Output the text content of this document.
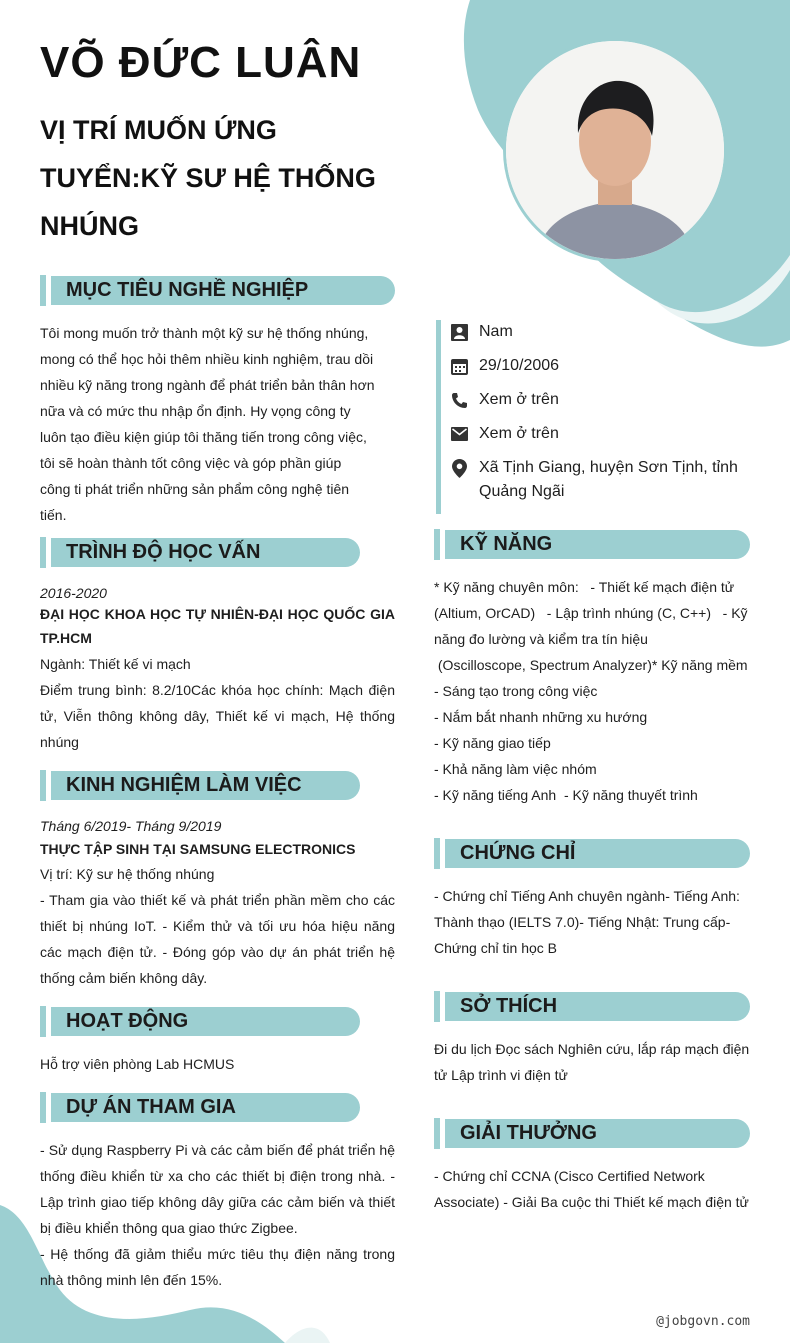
VÕ ĐỨC LUÂN
VỊ TRÍ MUỐN ỨNG TUYỂN:KỸ SƯ HỆ THỐNG NHÚNG
MỤC TIÊU NGHỀ NGHIỆP

Tôi mong muốn trở thành một kỹ sư hệ thống nhúng, mong có thể học hỏi thêm nhiều kinh nghiệm, trau dồi nhiều kỹ năng trong ngành để phát triển bản thân hơn nữa và có mức thu nhập ổn định. Hy vọng công ty luôn tạo điều kiện giúp tôi thăng tiến trong công việc, tôi sẽ hoàn thành tốt công việc và góp phần giúp công ti phát triển những sản phẩm công nghệ tiên tiến.

TRÌNH ĐỘ HỌC VẤN

2016-2020

ĐẠI HỌC KHOA HỌC TỰ NHIÊN-ĐẠI HỌC QUỐC GIA TP.HCM

Ngành: Thiết kế vi mạch

Điểm trung bình: 8.2/10Các khóa học chính: Mạch điện tử, Viễn thông không dây, Thiết kế vi mạch, Hệ thống nhúng

KINH NGHIỆM LÀM VIỆC

Tháng 6/2019- Tháng 9/2019

THỰC TẬP SINH TẠI SAMSUNG ELECTRONICS

Vị trí: Kỹ sư hệ thống nhúng

- Tham gia vào thiết kế và phát triển phần mềm cho các thiết bị nhúng IoT. - Kiểm thử và tối ưu hóa hiệu năng các mạch điện tử. - Đóng góp vào dự án phát triển hệ thống cảm biến không dây.

HOẠT ĐỘNG

Hỗ trợ viên phòng Lab HCMUS

DỰ ÁN THAM GIA

- Sử dụng Raspberry Pi và các cảm biến để phát triển hệ thống điều khiển từ xa cho các thiết bị điện trong nhà. - Lập trình giao tiếp không dây giữa các cảm biến và thiết bị điều khiển thông qua giao thức Zigbee.

- Hệ thống đã giảm thiểu mức tiêu thụ điện năng trong nhà thông minh lên đến 15%.

Nam
29/10/2006
Xem ở trên
Xem ở trên
Xã Tịnh Giang, huyện Sơn Tịnh, tỉnh Quảng Ngãi
KỸ NĂNG
* Kỹ năng chuyên môn:   - Thiết kế mạch điện tử
(Altium, OrCAD)   - Lập trình nhúng (C, C++)   - Kỹ
năng đo lường và kiểm tra tín hiệu
(Oscilloscope, Spectrum Analyzer)* Kỹ năng mềm
- Sáng tạo trong công việc
- Nắm bắt nhanh những xu hướng
- Kỹ năng giao tiếp
- Khả năng làm việc nhóm
- Kỹ năng tiếng Anh  - Kỹ năng thuyết trình
CHỨNG CHỈ

- Chứng chỉ Tiếng Anh chuyên ngành- Tiếng Anh: Thành thạo (IELTS 7.0)- Tiếng Nhật: Trung cấp- Chứng chỉ tin học B

SỞ THÍCH

Đi du lịch Đọc sách Nghiên cứu, lắp ráp mạch điện tử Lập trình vi điện tử

GIẢI THƯỞNG

- Chứng chỉ CCNA (Cisco Certified Network Associate) - Giải Ba cuộc thi Thiết kế mạch điện tử

@jobgovn.com
